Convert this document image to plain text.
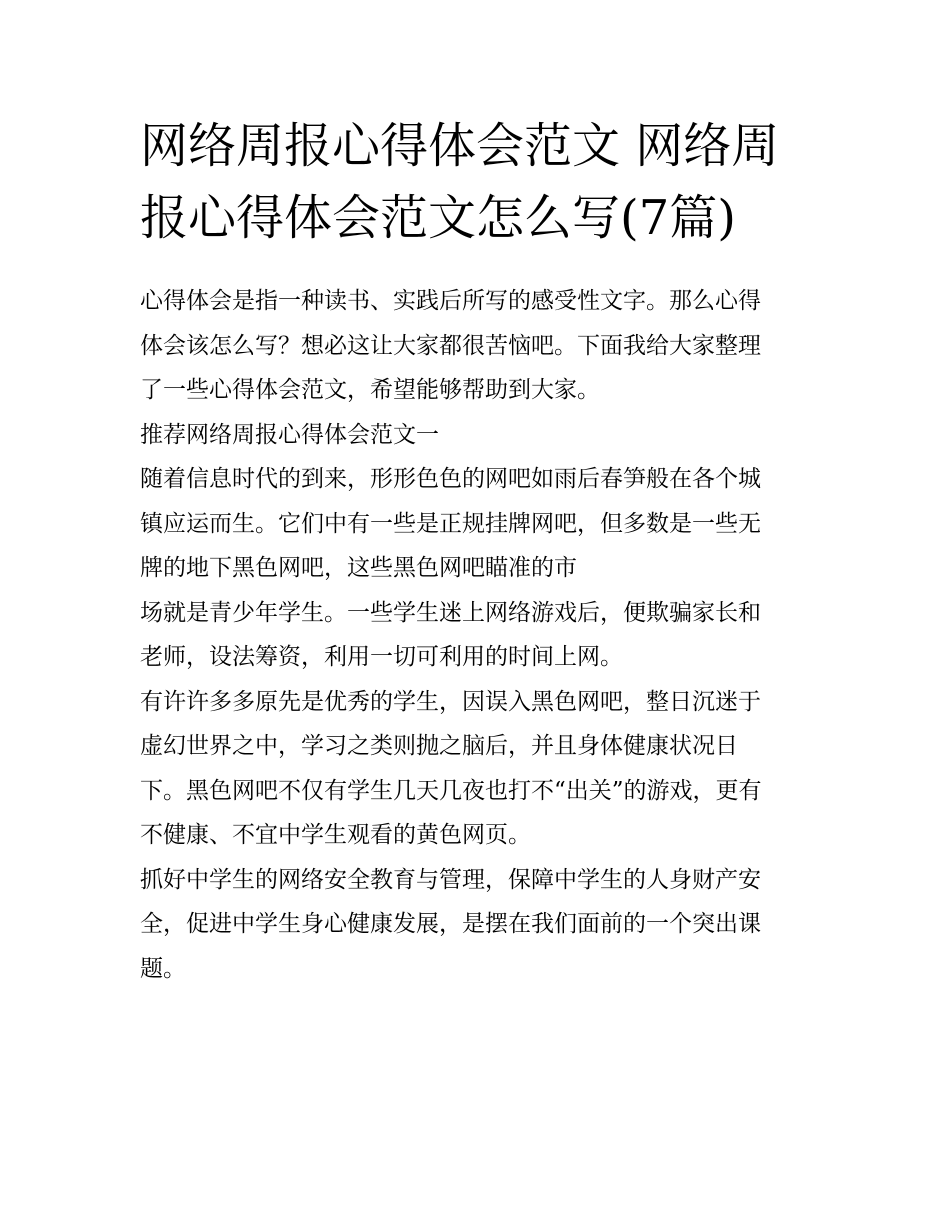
网络周报心得体会范文 网络周
报心得体会范文怎么写(7篇)

心得体会是指一种读书、实践后所写的感受性文字。那么心得
体会该怎么写？想必这让大家都很苦恼吧。下面我给大家整理
了一些心得体会范文，希望能够帮助到大家。

推荐网络周报心得体会范文一

随着信息时代的到来，形形色色的网吧如雨后春笋般在各个城
镇应运而生。它们中有一些是正规挂牌网吧，但多数是一些无
牌的地下黑色网吧，这些黑色网吧瞄准的市

场就是青少年学生。一些学生迷上网络游戏后，便欺骗家长和
老师，设法筹资，利用一切可利用的时间上网。

有许许多多原先是优秀的学生，因误入黑色网吧，整日沉迷于
虚幻世界之中，学习之类则抛之脑后，并且身体健康状况日
下。黑色网吧不仅有学生几天几夜也打不“出关”的游戏，更有
不健康、不宜中学生观看的黄色网页。

抓好中学生的网络安全教育与管理，保障中学生的人身财产安
全，促进中学生身心健康发展，是摆在我们面前的一个突出课
题。
